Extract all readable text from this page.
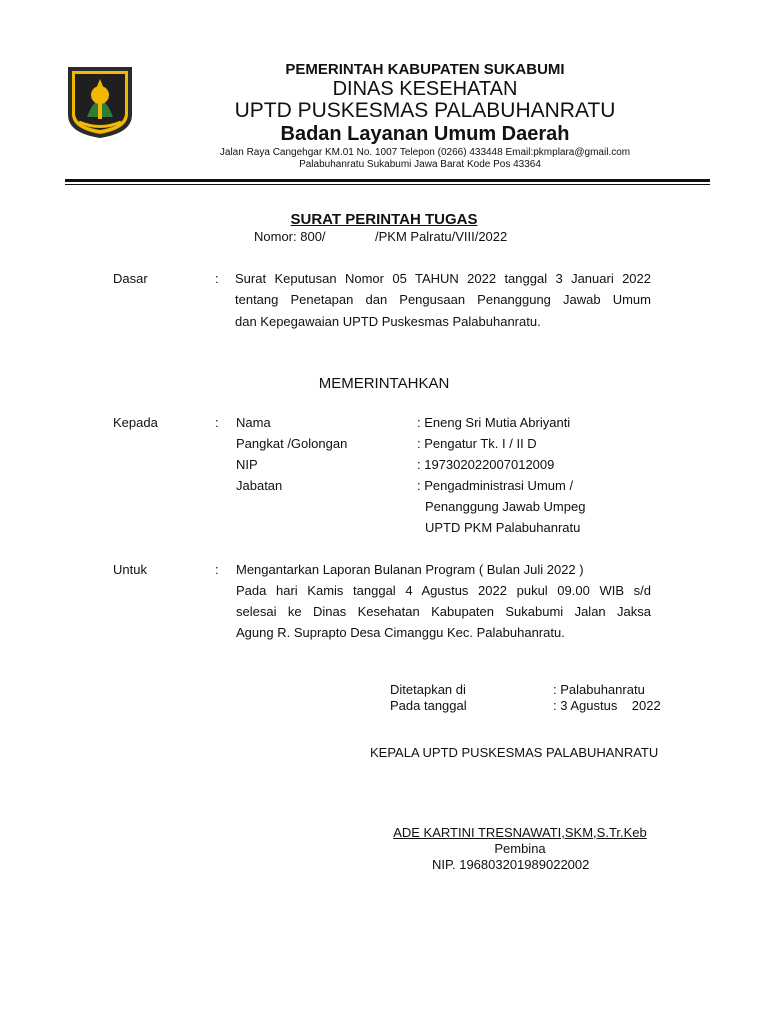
PEMERINTAH KABUPATEN SUKABUMI
DINAS KESEHATAN
UPTD PUSKESMAS PALABUHANRATU
Badan Layanan Umum Daerah
Jalan Raya Cangehgar KM.01 No. 1007 Telepon (0266) 433448 Email:pkmplara@gmail.com
Palabuhanratu Sukabumi Jawa Barat Kode Pos 43364
SURAT PERINTAH TUGAS
Nomor: 800/	/PKM Palratu/VIII/2022
Dasar	: Surat Keputusan Nomor 05 TAHUN 2022 tanggal 3 Januari 2022
tentang Penetapan dan Pengusaan Penanggung Jawab Umum
dan Kepegawaian UPTD Puskesmas Palabuhanratu.
MEMERINTAHKAN
Kepada	: Nama	: Eneng Sri Mutia Abriyanti
Pangkat /Golongan	: Pengatur Tk. I / II D
NIP	: 197302022007012009
Jabatan	: Pengadministrasi Umum /
Penanggung Jawab Umpeg
UPTD PKM Palabuhanratu
Untuk	: Mengantarkan Laporan Bulanan Program ( Bulan Juli 2022 )
Pada hari Kamis tanggal 4 Agustus 2022 pukul 09.00 WIB s/d
selesai ke Dinas Kesehatan Kabupaten Sukabumi Jalan Jaksa
Agung R. Suprapto Desa Cimanggu Kec. Palabuhanratu.
Ditetapkan di	: Palabuhanratu
Pada tanggal	: 3 Agustus    2022
KEPALA UPTD PUSKESMAS PALABUHANRATU
ADE KARTINI TRESNAWATI,SKM,S.Tr.Keb
Pembina
NIP. 196803201989022002
